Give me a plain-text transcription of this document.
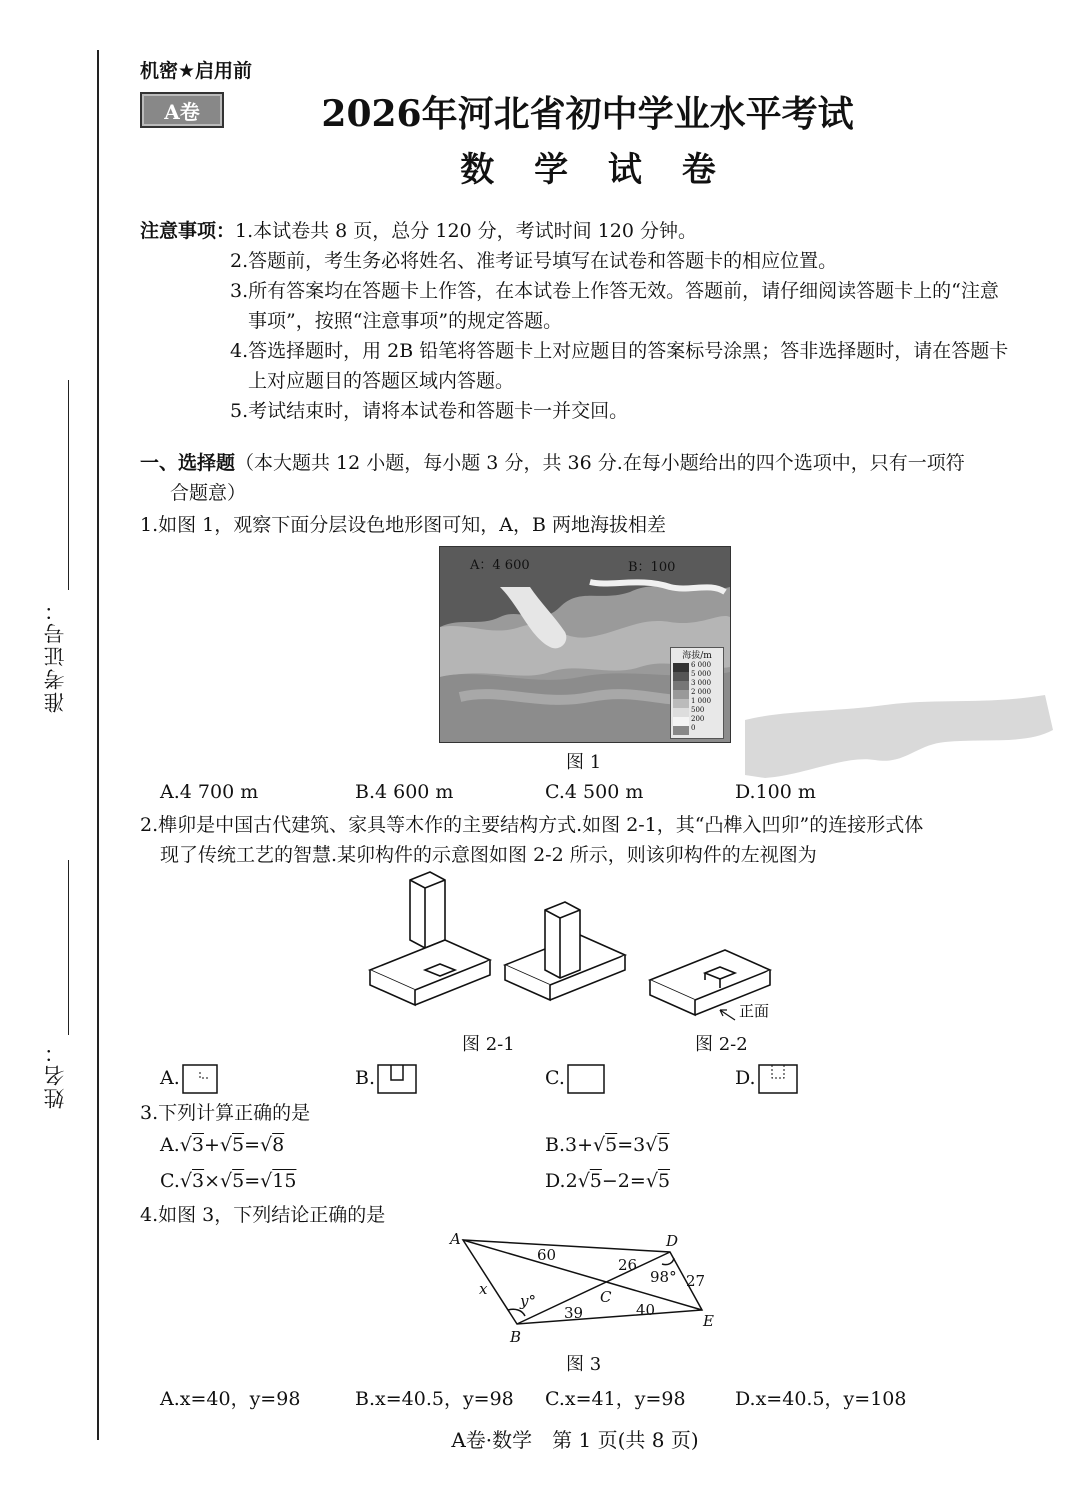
准考证号：
姓名：
机密★启用前
A卷	2026年河北省初中学业水平考试
数 学 试 卷
注意事项：1.本试卷共 8 页，总分 120 分，考试时间 120 分钟。
2.答题前，考生务必将姓名、准考证号填写在试卷和答题卡的相应位置。
3.所有答案均在答题卡上作答，在本试卷上作答无效。答题前，请仔细阅读答题卡上的“注意
事项”，按照“注意事项”的规定答题。
4.答选择题时，用 2B 铅笔将答题卡上对应题目的答案标号涂黑；答非选择题时，请在答题卡
上对应题目的答题区域内答题。
5.考试结束时，请将本试卷和答题卡一并交回。
一、选择题（本大题共 12 小题，每小题 3 分，共 36 分.在每小题给出的四个选项中，只有一项符
合题意）
1.如图 1，观察下面分层设色地形图可知，A，B 两地海拔相差
A：4 600	B：100
海拔/m
6 000
5 000
3 000
2 000
1 000
500
200
0
图 1
A.4 700 m	B.4 600 m	C.4 500 m	D.100 m
2.榫卯是中国古代建筑、家具等木作的主要结构方式.如图 2-1，其“凸榫入凹卯”的连接形式体
现了传统工艺的智慧.某卯构件的示意图如图 2-2 所示，则该卯构件的左视图为
正面
图 2-1	图 2-2
A.	B.	C.	D.
3.下列计算正确的是
A.√3+√5=√8	B.3+√5=3√5
C.√3×√5=√15	D.2√5−2=√5
4.如图 3，下列结论正确的是
A
B
C
D
E
60
x
y°
39
26
98° 27
40
图 3
A.x=40，y=98	B.x=40.5，y=98 C.x=41，y=98	D.x=40.5，y=108
A卷·数学　第 1 页(共 8 页)
